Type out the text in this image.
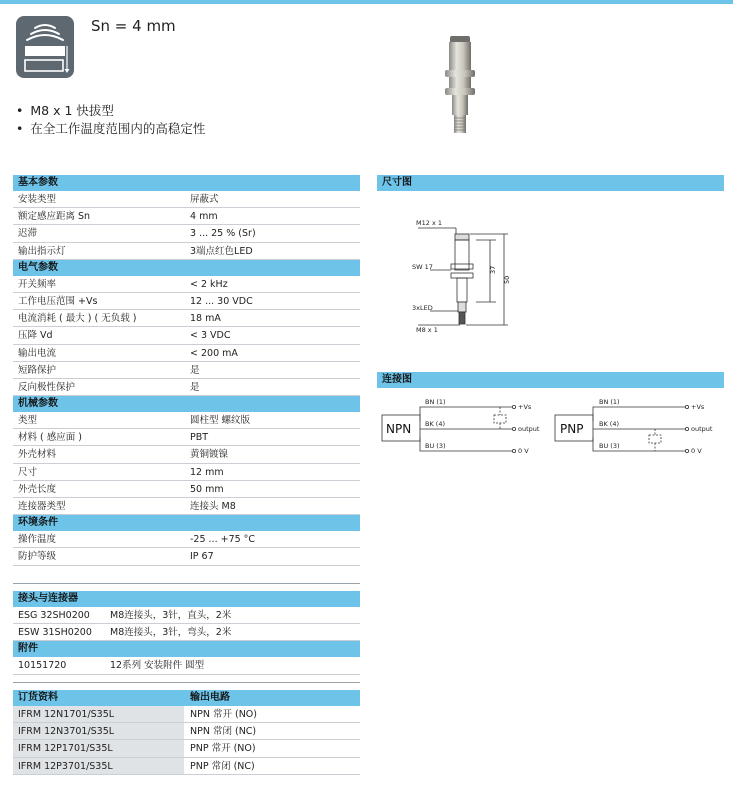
Sn = 4 mm
• M8 x 1 快拔型
• 在全工作温度范围内的高稳定性
基本参数
安装类型	屏蔽式
额定感应距离 Sn	4 mm
迟滞	3 ... 25 % (Sr)
输出指示灯	3端点红色LED
电气参数
开关频率	< 2 kHz
工作电压范围 +Vs	12 ... 30 VDC
电流消耗 ( 最大 ) ( 无负载 )	18 mA
压降 Vd	< 3 VDC
输出电流	< 200 mA
短路保护	是
反向极性保护	是
机械参数
类型	圆柱型 螺纹版
材料 ( 感应面 )	PBT
外壳材料	黄铜镀镍
尺寸	12 mm
外壳长度	50 mm
连接器类型	连接头 M8
环境条件
操作温度	-25 ... +75 °C
防护等级	IP 67
接头与连接器
ESG 32SH0200 M8连接头，3针，直头，2米
ESW 31SH0200 M8连接头，3针，弯头，2米
附件
10151720	12系列 安装附件 圆型
订货资料	输出电路
IFRM 12N1701/S35L	NPN 常开 (NO)
IFRM 12N3701/S35L	NPN 常闭 (NC)
IFRM 12P1701/S35L	PNP 常开 (NO)
IFRM 12P3701/S35L	PNP 常闭 (NC)
尺寸图
M12 x 1
SW 17
3xLED
M8 x 1
37
50
连接图
NPN
BN (1)
BK (4)
BU (3)
+Vs
output
0 V
PNP
BN (1)
BK (4)
BU (3)
+Vs
output
0 V
